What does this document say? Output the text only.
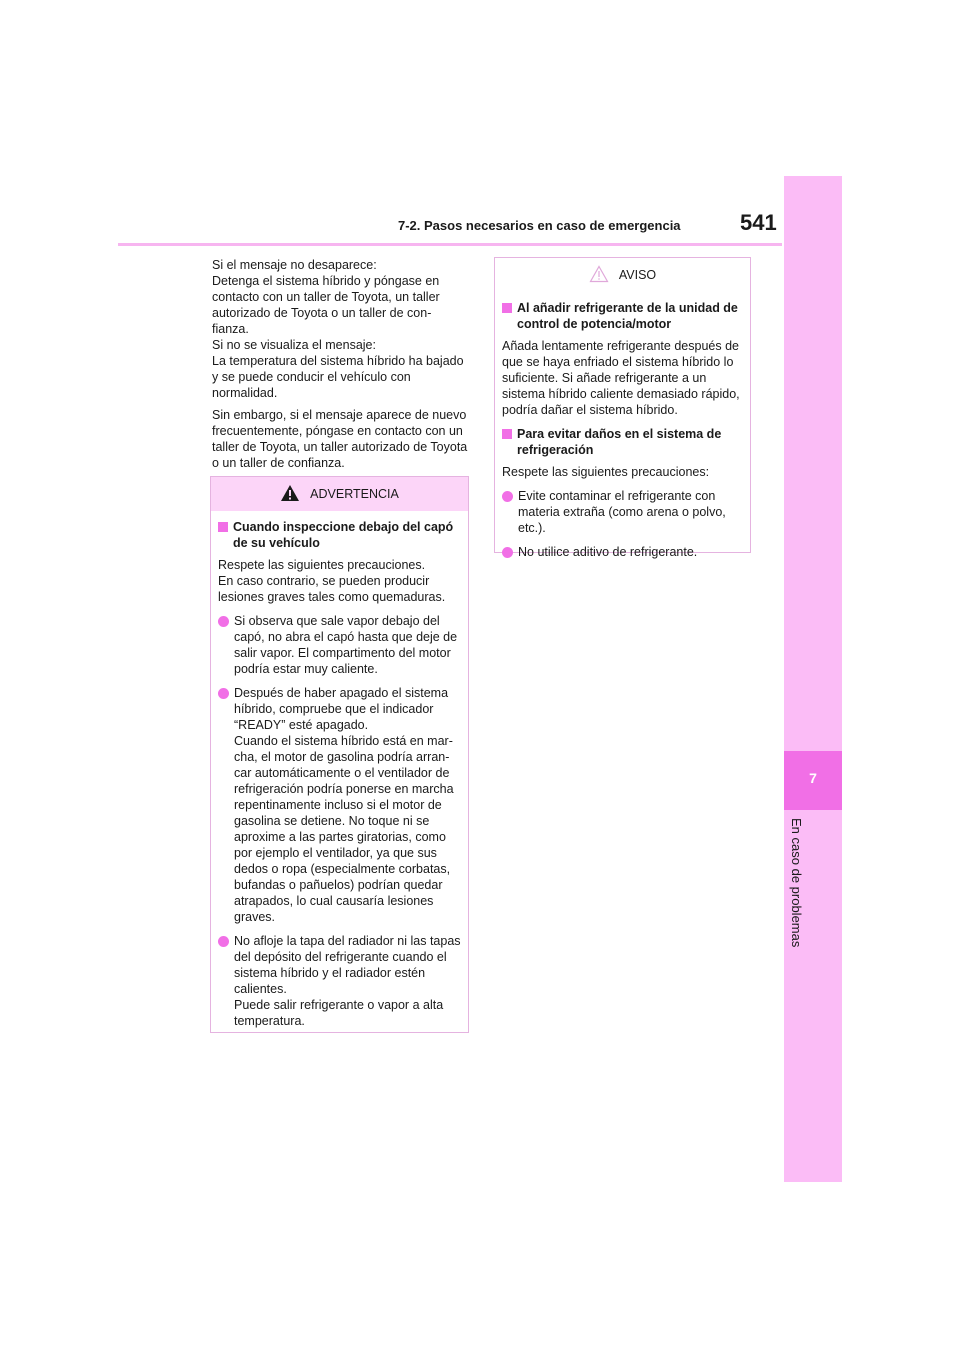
7-2. Pasos necesarios en caso de emergencia	541
7
En caso de problemas

Si el mensaje no desaparece:
Detenga el sistema híbrido y póngase en contacto con un taller de Toyota, un taller autorizado de Toyota o un taller de con-fianza.
Si no se visualiza el mensaje:
La temperatura del sistema híbrido ha bajado y se puede conducir el vehículo con normalidad.

Sin embargo, si el mensaje aparece de nuevo frecuentemente, póngase en contacto con un taller de Toyota, un taller autorizado de Toyota o un taller de confianza.

ADVERTENCIA

Cuando inspeccione debajo del capó de su vehículo

Respete las siguientes precauciones.
En caso contrario, se pueden producir lesiones graves tales como quemaduras.

Si observa que sale vapor debajo del capó, no abra el capó hasta que deje de salir vapor. El compartimento del motor podría estar muy caliente.
Después de haber apagado el sistema híbrido, compruebe que el indicador “READY” esté apagado.
Cuando el sistema híbrido está en mar-cha, el motor de gasolina podría arran-car automáticamente o el ventilador de refrigeración podría ponerse en marcha repentinamente incluso si el motor de gasolina se detiene. No toque ni se aproxime a las partes giratorias, como por ejemplo el ventilador, ya que sus dedos o ropa (especialmente corbatas, bufandas o pañuelos) podrían quedar atrapados, lo cual causaría lesiones graves.
No afloje la tapa del radiador ni las tapas del depósito del refrigerante cuando el sistema híbrido y el radiador estén calientes.
Puede salir refrigerante o vapor a alta temperatura.
AVISO

Al añadir refrigerante de la unidad de control de potencia/motor

Añada lentamente refrigerante después de que se haya enfriado el sistema híbrido lo suficiente. Si añade refrigerante a un sistema híbrido caliente demasiado rápido, podría dañar el sistema híbrido.

Para evitar daños en el sistema de refrigeración

Respete las siguientes precauciones:

Evite contaminar el refrigerante con materia extraña (como arena o polvo, etc.).
No utilice aditivo de refrigerante.
